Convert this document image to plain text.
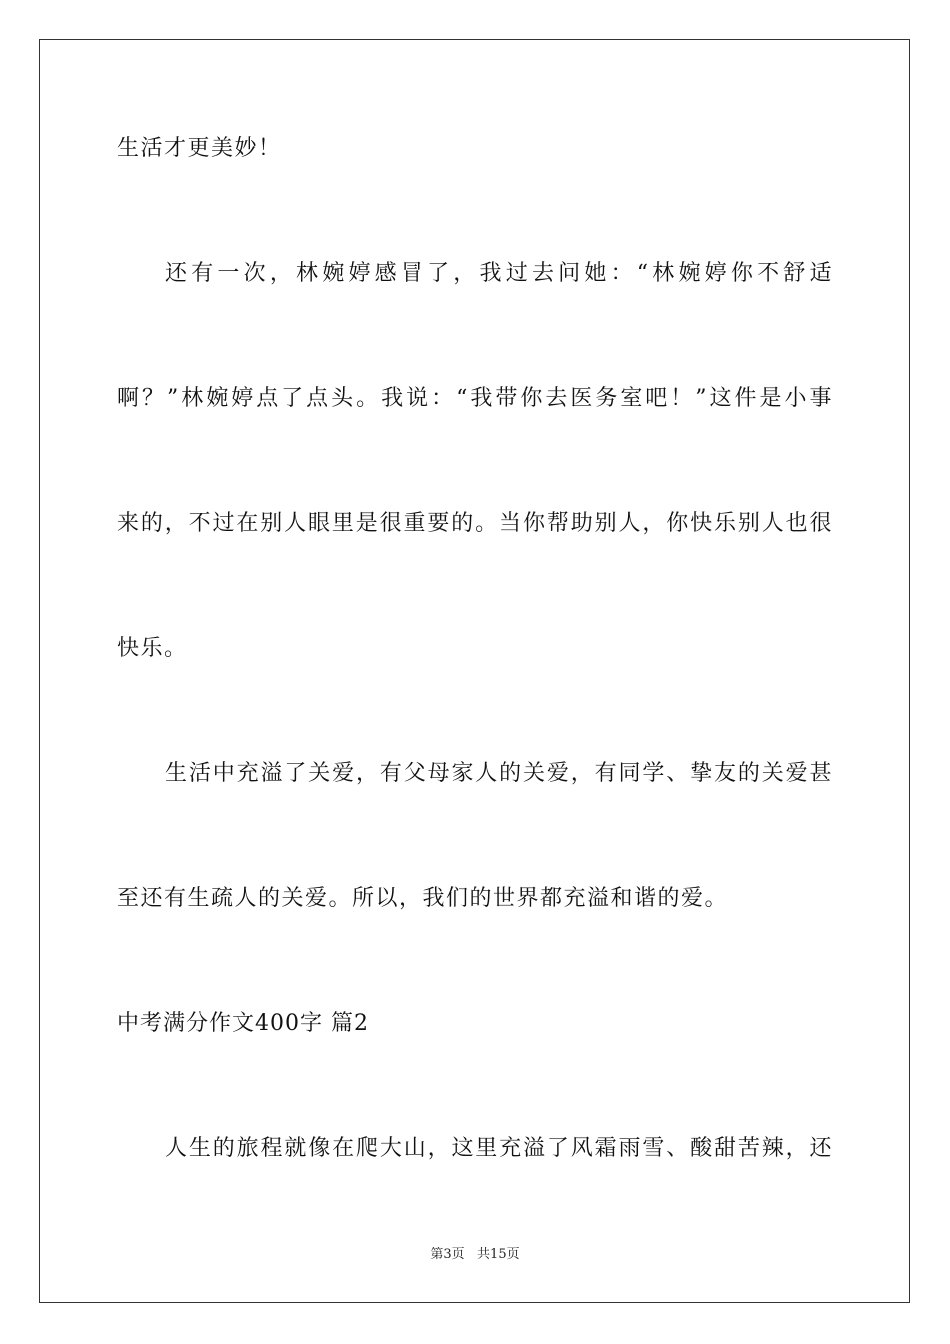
生活才更美妙！
还有一次，林婉婷感冒了，我过去问她：“林婉婷你不舒适
啊？”林婉婷点了点头。我说：“我带你去医务室吧！”这件是小事
来的，不过在别人眼里是很重要的。当你帮助别人，你快乐别人也很
快乐。
生活中充溢了关爱，有父母家人的关爱，有同学、挚友的关爱甚
至还有生疏人的关爱。所以，我们的世界都充溢和谐的爱。
中考满分作文400字 篇2
人生的旅程就像在爬大山，这里充溢了风霜雨雪、酸甜苦辣，还
第3页   共15页
